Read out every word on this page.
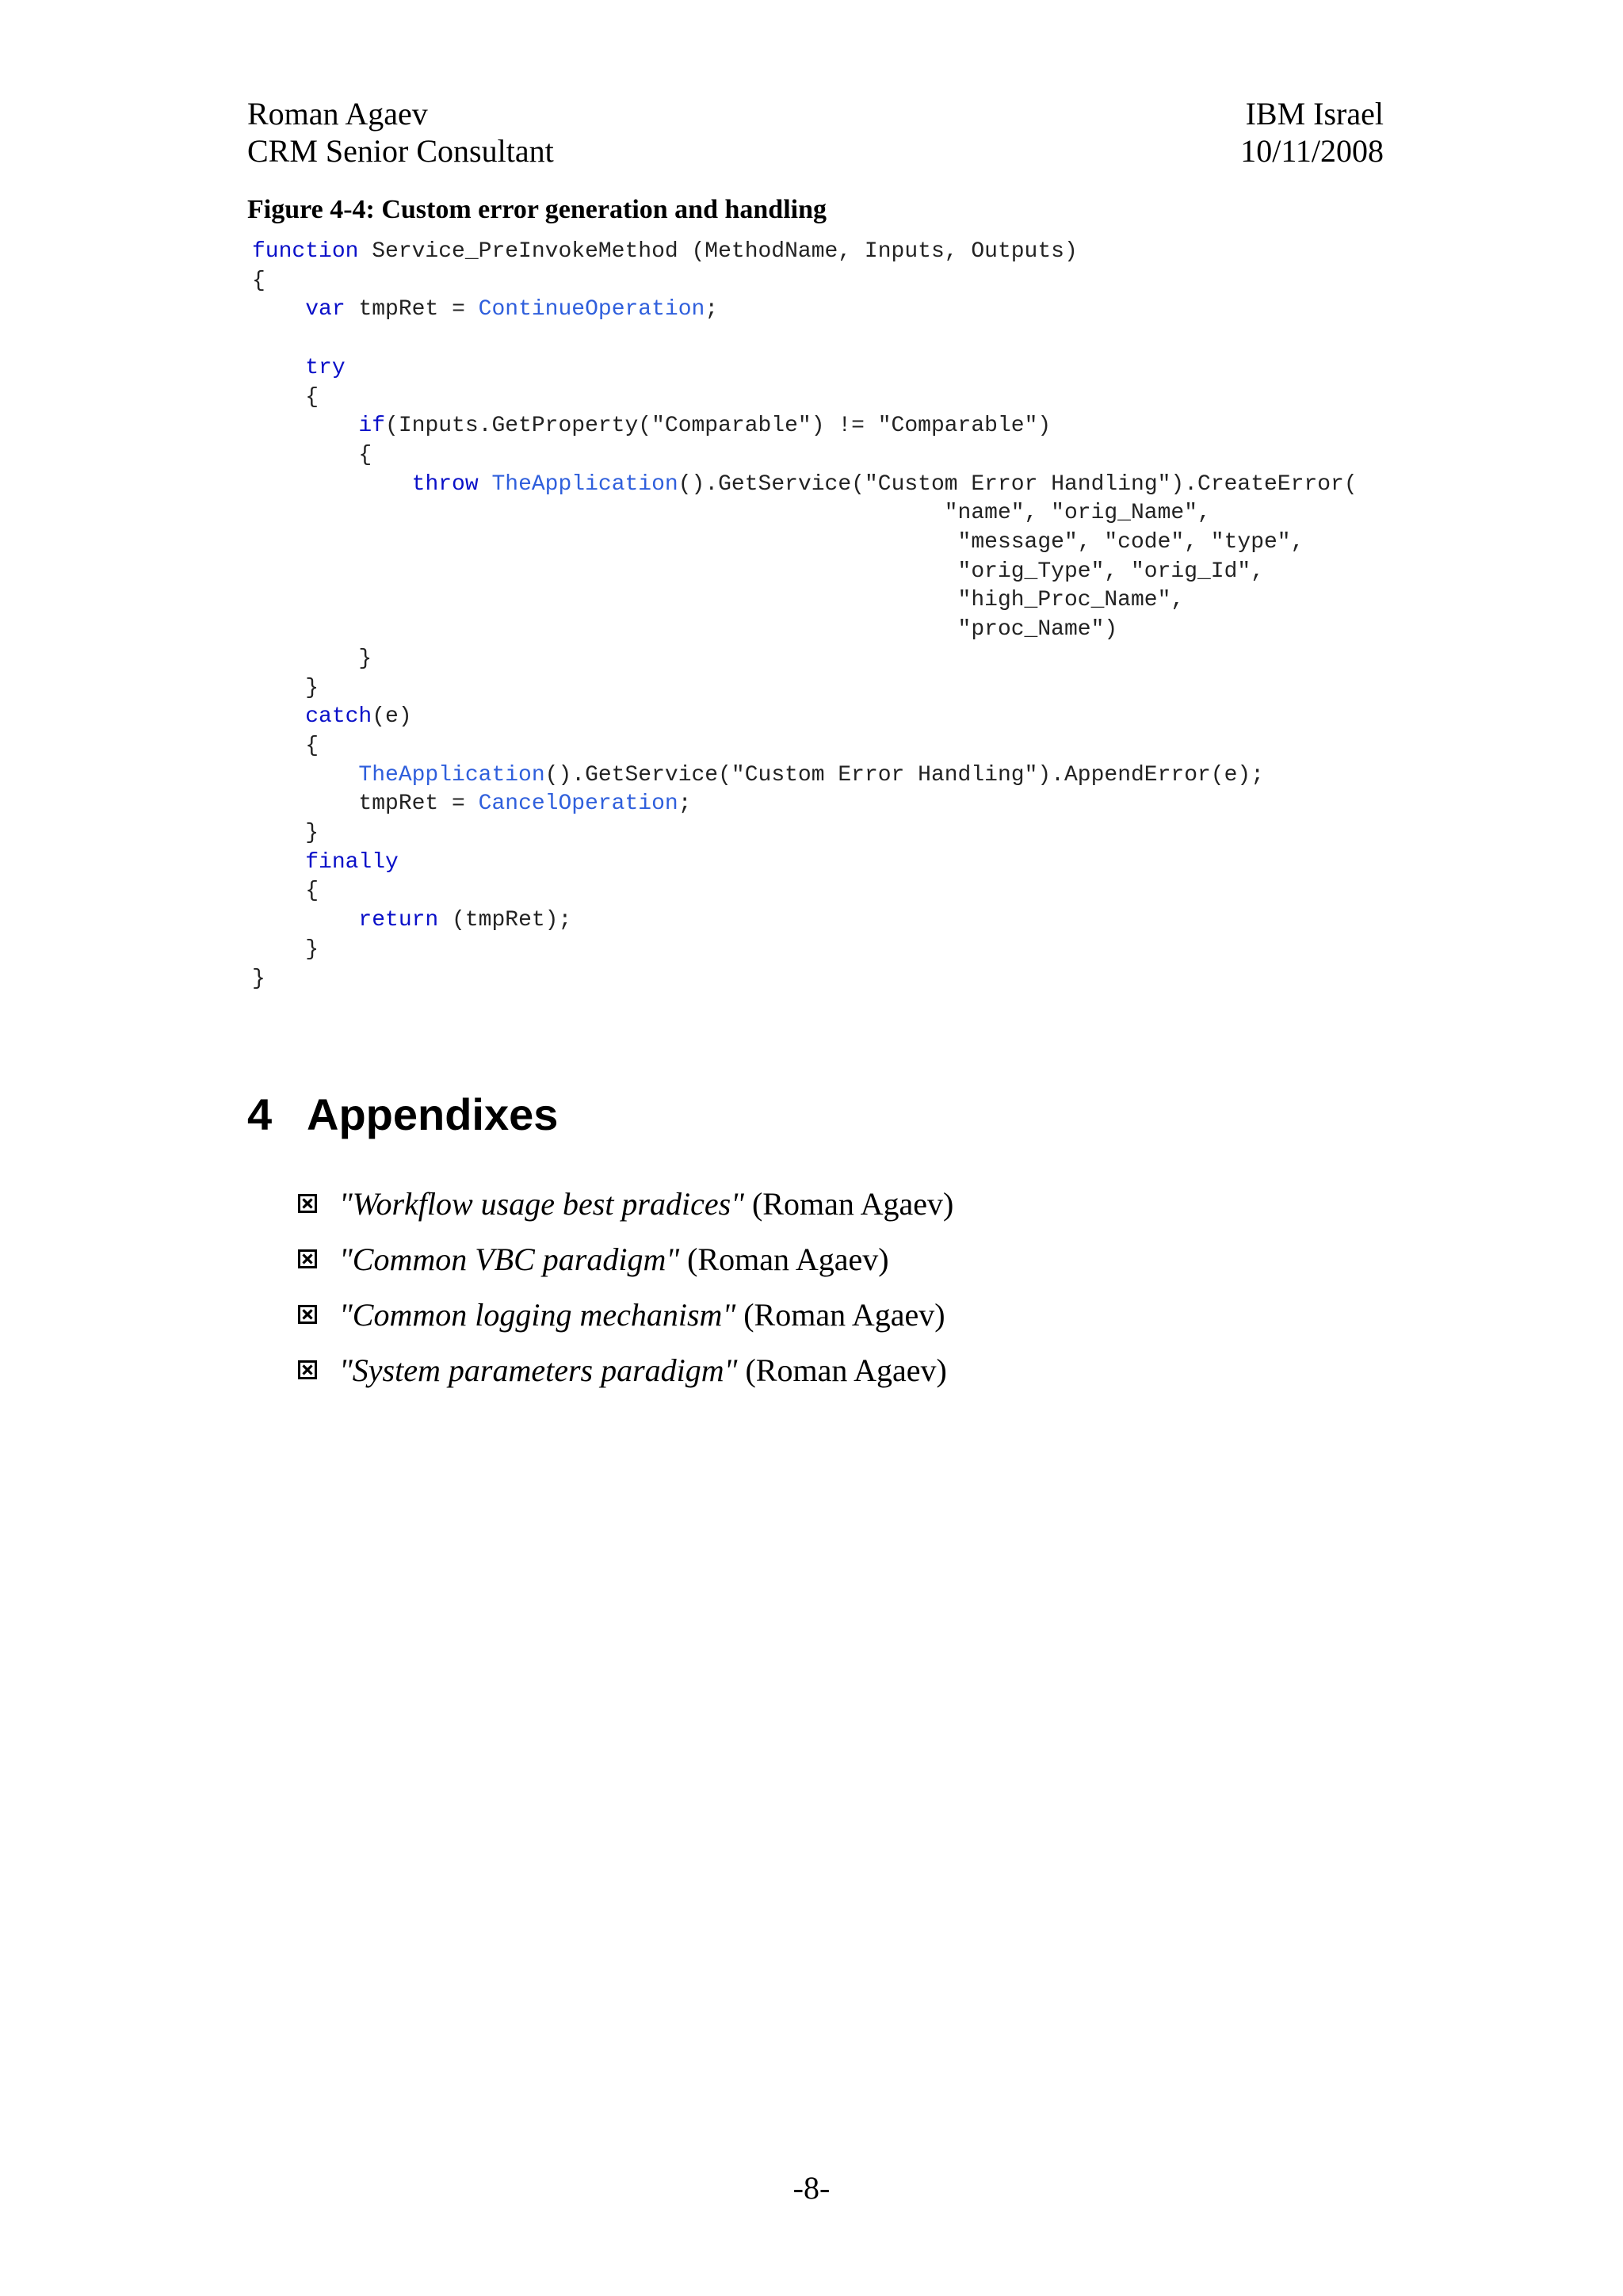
Roman Agaev	IBM Israel
CRM Senior Consultant	10/11/2008
Figure 4-4: Custom error generation and handling
function Service_PreInvokeMethod (MethodName, Inputs, Outputs)
{
var tmpRet = ContinueOperation;
try
{
if(Inputs.GetProperty("Comparable") != "Comparable")
{
throw TheApplication().GetService("Custom Error Handling").CreateError(
"name", "orig_Name",
"message", "code", "type",
"orig_Type", "orig_Id",
"high_Proc_Name",
"proc_Name")
}
}
catch(e)
{
TheApplication().GetService("Custom Error Handling").AppendError(e);
tmpRet = CancelOperation;
}
finally
{
return (tmpRet);
}
}
4 Appendixes
"Workflow usage best pradices" (Roman Agaev)
"Common VBC paradigm" (Roman Agaev)
"Common logging mechanism" (Roman Agaev)
"System parameters paradigm" (Roman Agaev)
-8-
